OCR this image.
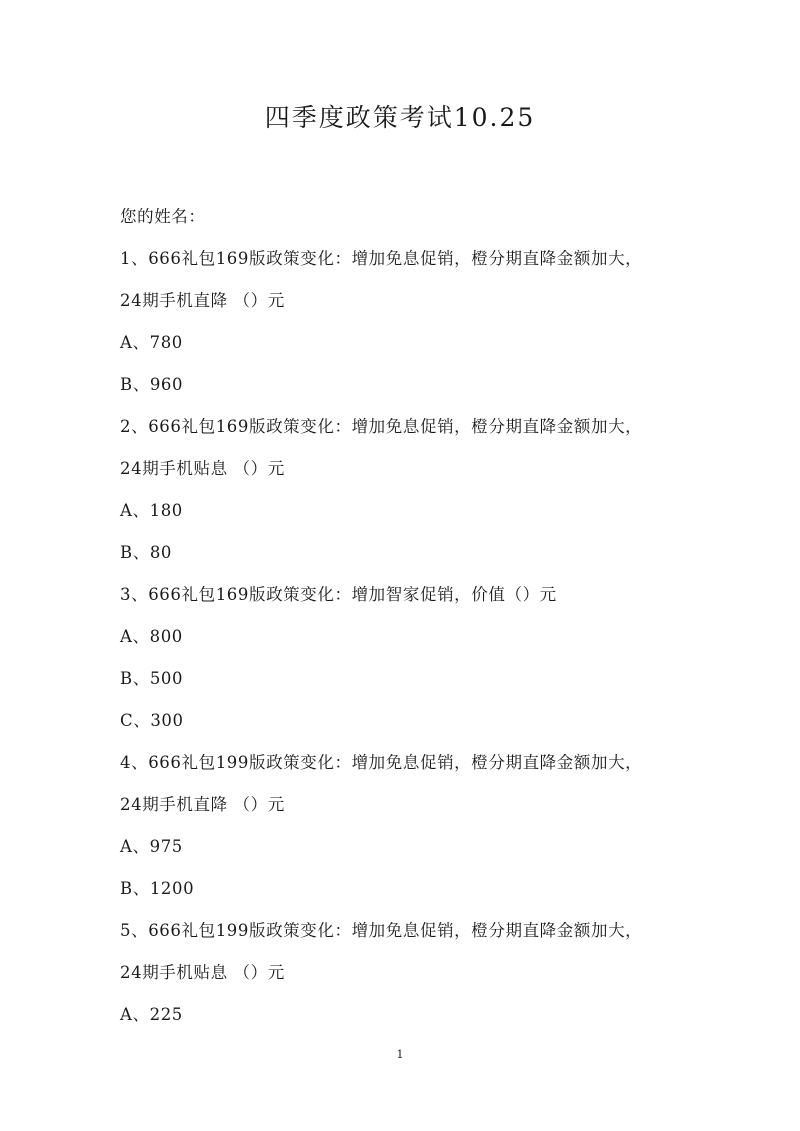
四季度政策考试10.25
您的姓名：
1、666礼包169版政策变化：增加免息促销，橙分期直降金额加大，
24期手机直降 （）元
A、780
B、960
2、666礼包169版政策变化：增加免息促销，橙分期直降金额加大，
24期手机贴息 （）元
A、180
B、80
3、666礼包169版政策变化：增加智家促销，价值（）元
A、800
B、500
C、300
4、666礼包199版政策变化：增加免息促销，橙分期直降金额加大，
24期手机直降 （）元
A、975
B、1200
5、666礼包199版政策变化：增加免息促销，橙分期直降金额加大，
24期手机贴息 （）元
A、225
1
